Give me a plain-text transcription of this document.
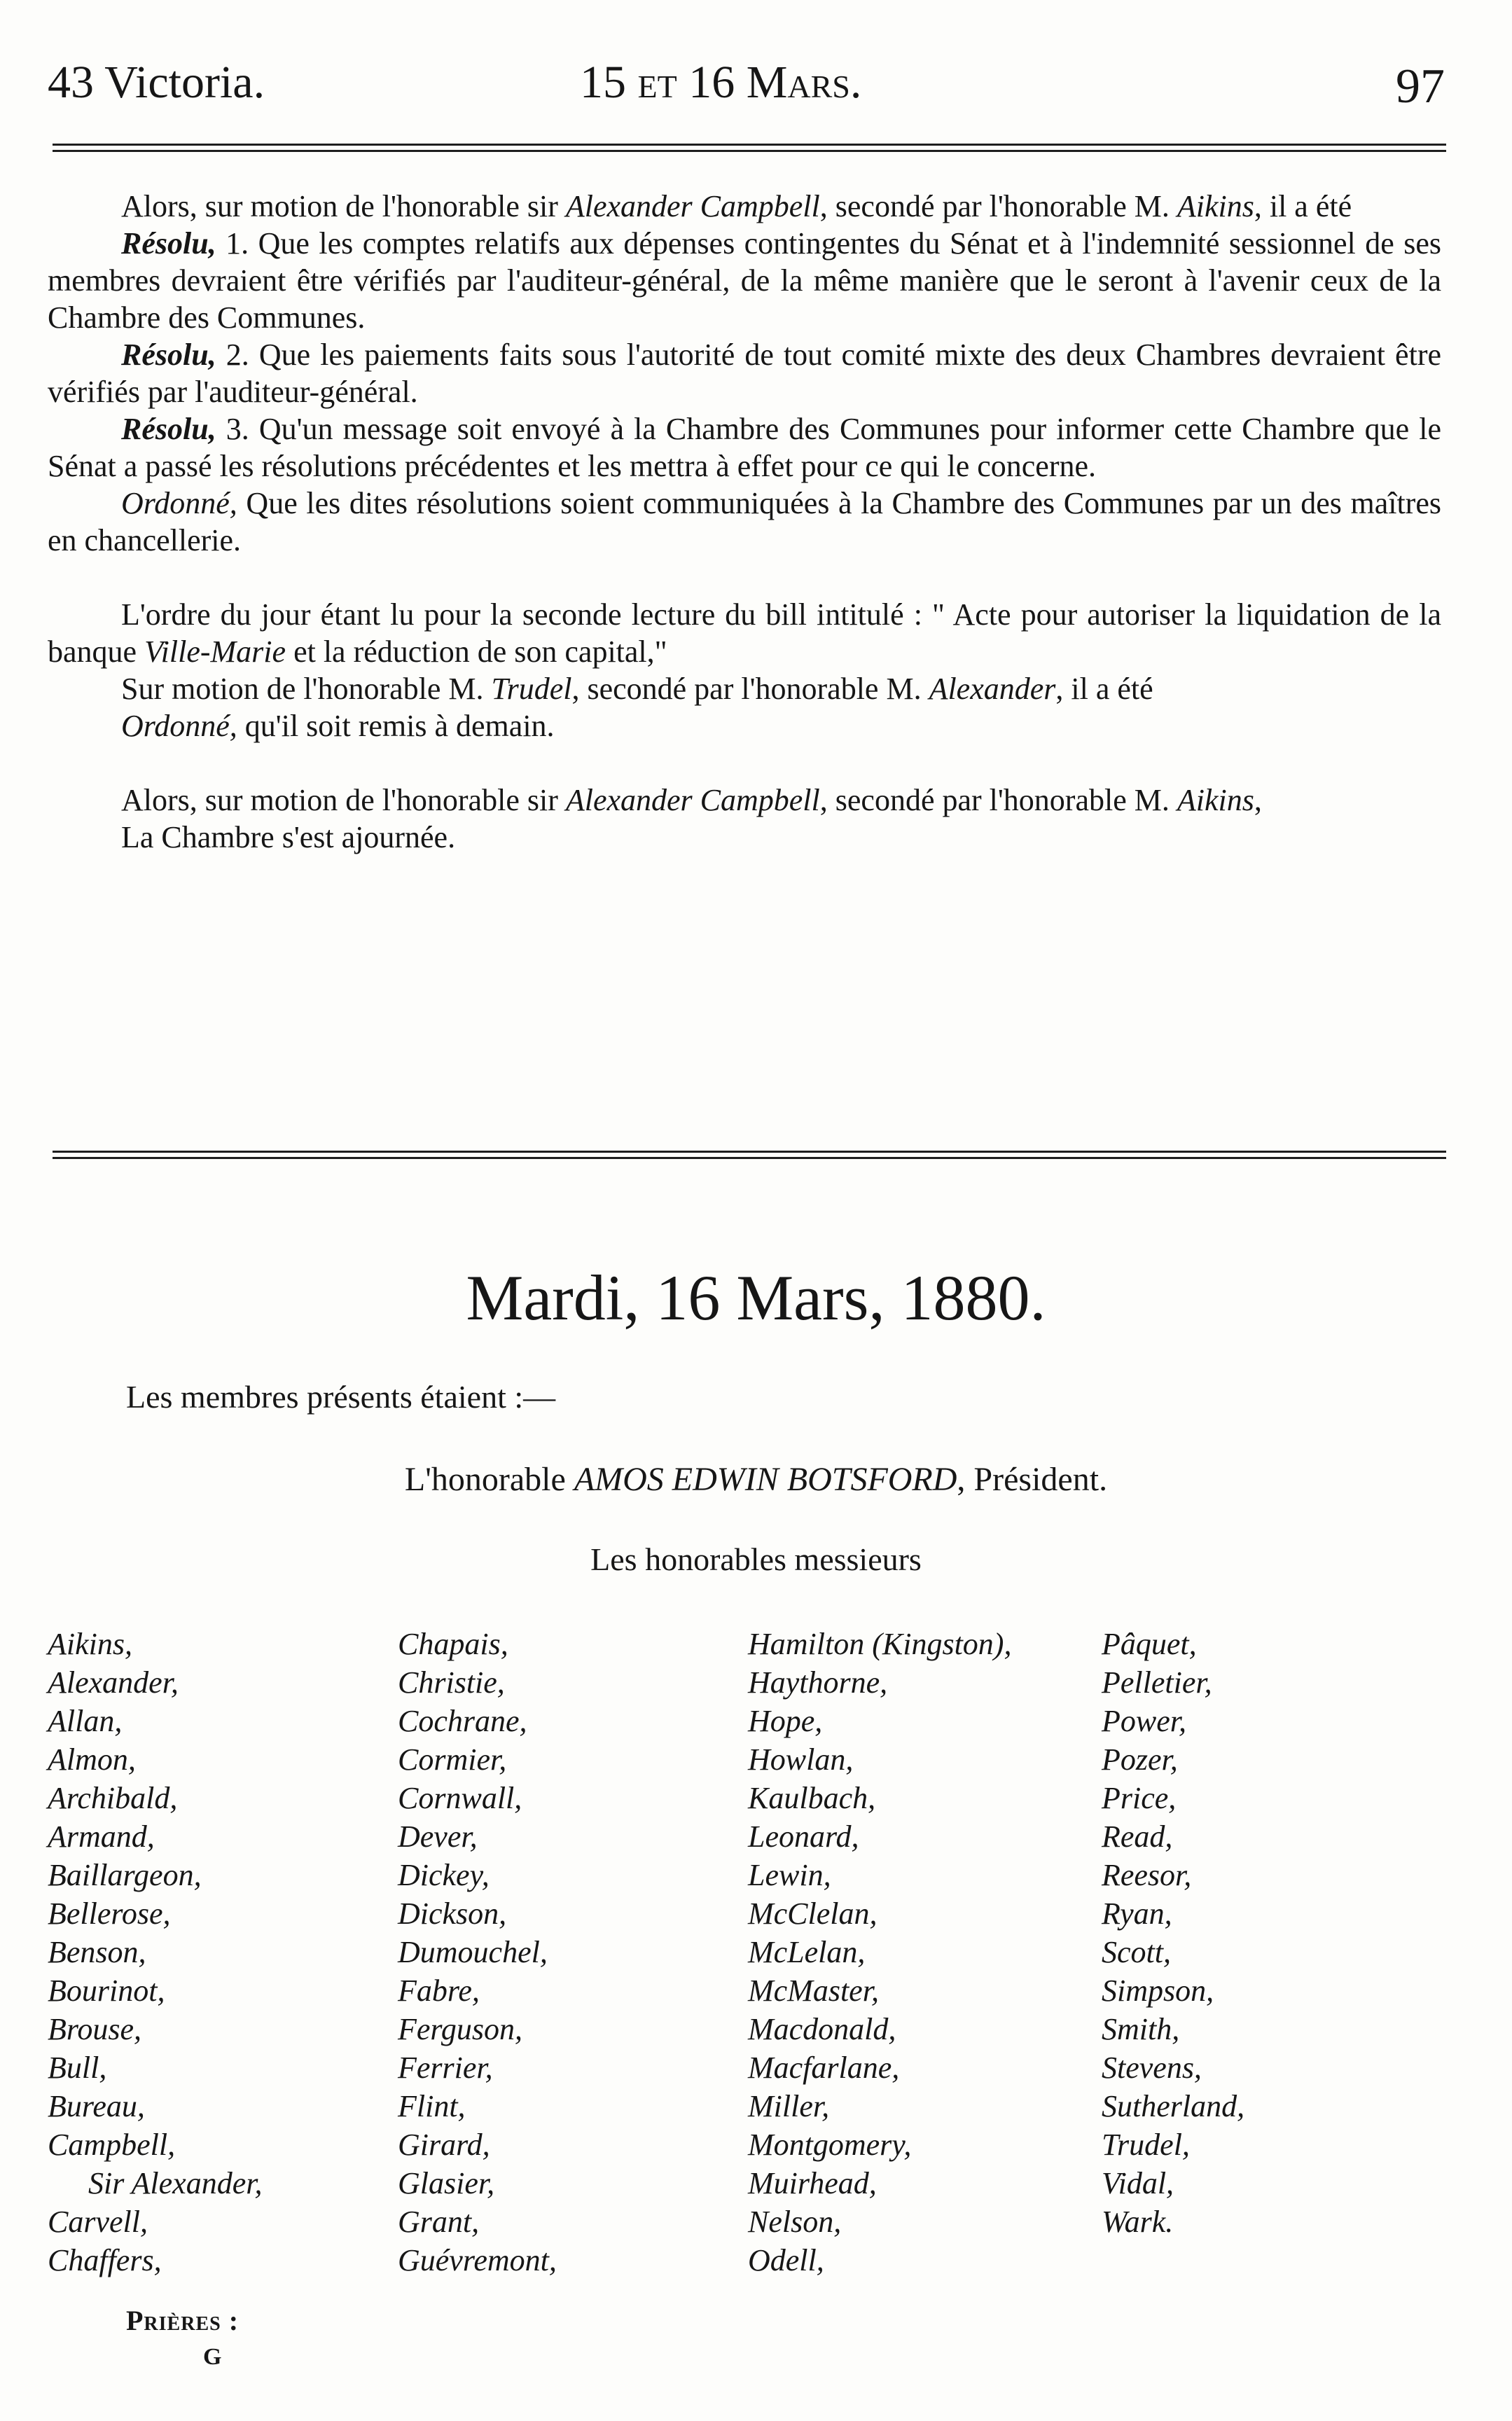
43 Victoria.	15 et 16 Mars.	97

Alors, sur motion de l'honorable sir Alexander Campbell, secondé par l'honorable M. Aikins, il a été

Résolu, 1. Que les comptes relatifs aux dépenses contingentes du Sénat et à l'indemnité sessionnel de ses membres devraient être vérifiés par l'auditeur-général, de la même manière que le seront à l'avenir ceux de la Chambre des Communes.

Résolu, 2. Que les paiements faits sous l'autorité de tout comité mixte des deux Chambres devraient être vérifiés par l'auditeur-général.

Résolu, 3. Qu'un message soit envoyé à la Chambre des Communes pour informer cette Chambre que le Sénat a passé les résolutions précédentes et les mettra à effet pour ce qui le concerne.

Ordonné, Que les dites résolutions soient communiquées à la Chambre des Communes par un des maîtres en chancellerie.

L'ordre du jour étant lu pour la seconde lecture du bill intitulé : " Acte pour autoriser la liquidation de la banque Ville-Marie et la réduction de son capital,"

Sur motion de l'honorable M. Trudel, secondé par l'honorable M. Alexander, il a été

Ordonné, qu'il soit remis à demain.

Alors, sur motion de l'honorable sir Alexander Campbell, secondé par l'honorable M. Aikins,

La Chambre s'est ajournée.

Mardi, 16 Mars, 1880.
Les membres présents étaient :—
L'honorable AMOS EDWIN BOTSFORD, Président.
Les honorables messieurs
Aikins,
Alexander,
Allan,
Almon,
Archibald,
Armand,
Baillargeon,
Bellerose,
Benson,
Bourinot,
Brouse,
Bull,
Bureau,
Campbell,
Sir Alexander,
Carvell,
Chaffers,
Chapais,
Christie,
Cochrane,
Cormier,
Cornwall,
Dever,
Dickey,
Dickson,
Dumouchel,
Fabre,
Ferguson,
Ferrier,
Flint,
Girard,
Glasier,
Grant,
Guévremont,
Hamilton (Kingston),
Haythorne,
Hope,
Howlan,
Kaulbach,
Leonard,
Lewin,
McClelan,
McLelan,
McMaster,
Macdonald,
Macfarlane,
Miller,
Montgomery,
Muirhead,
Nelson,
Odell,
Pâquet,
Pelletier,
Power,
Pozer,
Price,
Read,
Reesor,
Ryan,
Scott,
Simpson,
Smith,
Stevens,
Sutherland,
Trudel,
Vidal,
Wark.
Prières :
G
